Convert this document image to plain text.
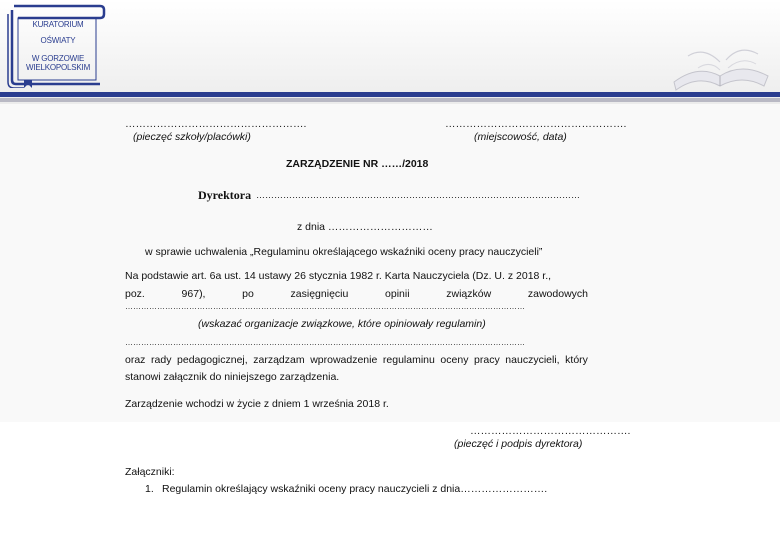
KURATORIUM
OŚWIATY
W GORZOWIE
WIELKOPOLSKIM
…………………………………………….
(pieczęć szkoły/placówki)
…………………………………………….
(miejscowość, data)
ZARZĄDZENIE NR ……/2018
Dyrektora ………………………………………………………………………………………………
z dnia …………………………
w sprawie uchwalenia „Regulaminu określającego wskaźniki oceny pracy nauczycieli”
Na podstawie art. 6a ust. 14 ustawy 26 stycznia 1982 r. Karta Nauczyciela (Dz. U. z 2018 r.,
poz.	967),	po	zasięgnięciu	opinii	związków	zawodowych
……………………………………………………………………………………………………………………………………
(wskazać organizacje związkowe, które opiniowały regulamin)
……………………………………………………………………………………………………………………………………
oraz rady pedagogicznej, zarządzam wprowadzenie regulaminu oceny pracy nauczycieli, który
stanowi załącznik do niniejszego zarządzenia.
Zarządzenie wchodzi w życie z dniem 1 września 2018 r.
……………………………………….
(pieczęć i podpis dyrektora)
Załączniki:
1. Regulamin określający wskaźniki oceny pracy nauczycieli z dnia…………………….
